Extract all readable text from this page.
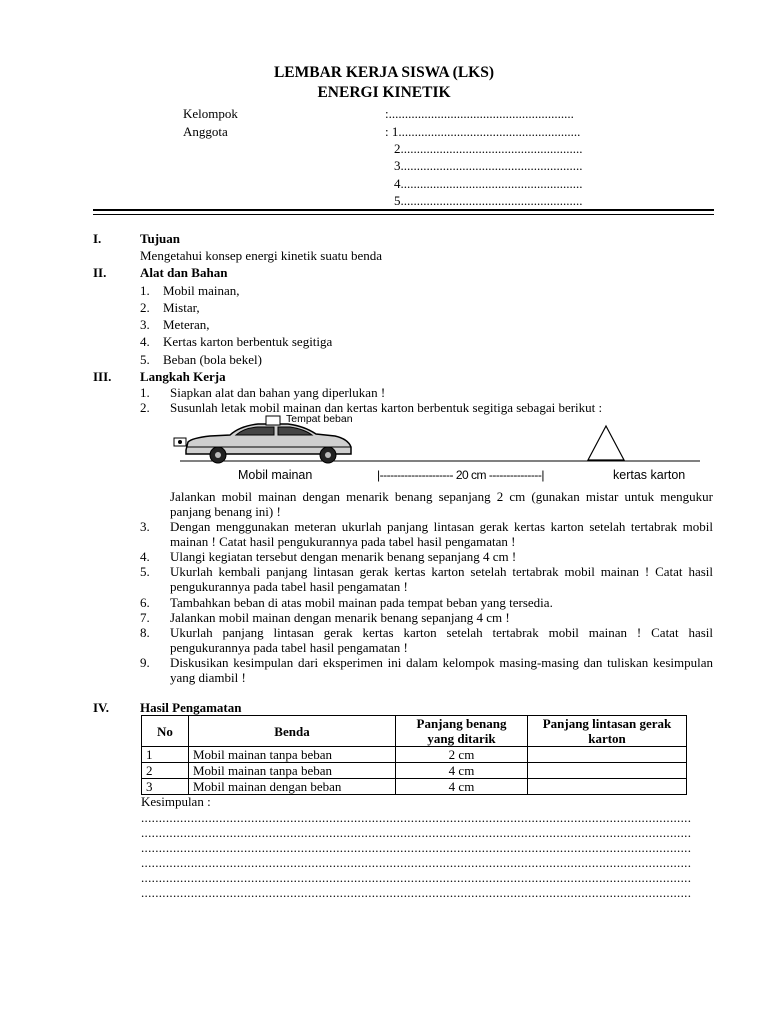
LEMBAR KERJA SISWA (LKS)
ENERGI KINETIK
Kelompok	:.........................................................
Anggota	: 1........................................................
2........................................................
3........................................................
4........................................................
5........................................................
I.	Tujuan
Mengetahui konsep energi kinetik suatu benda
II.	Alat dan Bahan
1. Mobil mainan,
2. Mistar,
3. Meteran,
4. Kertas karton berbentuk segitiga
5. Beban (bola bekel)
III. Langkah Kerja
1. Siapkan alat dan bahan yang diperlukan !
2. Susunlah letak mobil mainan dan kertas karton berbentuk segitiga sebagai berikut :
Tempat beban
Mobil mainan	|--------------------- 20 cm ---------------|	kertas karton
Jalankan mobil mainan dengan menarik benang sepanjang 2 cm (gunakan mistar untuk mengukur panjang benang ini) !
3. Dengan menggunakan meteran ukurlah panjang lintasan gerak kertas karton setelah tertabrak mobil mainan ! Catat hasil pengukurannya pada tabel hasil pengamatan !
4. Ulangi kegiatan tersebut dengan menarik benang sepanjang 4 cm !
5. Ukurlah kembali panjang lintasan gerak kertas karton setelah tertabrak mobil mainan ! Catat hasil pengukurannya pada tabel hasil pengamatan !
6. Tambahkan beban di atas mobil mainan pada tempat beban yang tersedia.
7. Jalankan mobil mainan dengan menarik benang sepanjang 4 cm !
8. Ukurlah panjang lintasan gerak kertas karton setelah tertabrak mobil mainan ! Catat hasil pengukurannya pada tabel hasil pengamatan !
9. Diskusikan kesimpulan dari eksperimen ini dalam kelompok masing-masing dan tuliskan kesimpulan yang diambil !
IV. Hasil Pengamatan
No	Benda	Panjang benang yang ditarik	Panjang lintasan gerak karton
1	Mobil mainan tanpa beban	2 cm	
2	Mobil mainan tanpa beban	4 cm	
3	Mobil mainan dengan beban	4 cm	
Kesimpulan :
...........................................................................................................................................................
...........................................................................................................................................................
...........................................................................................................................................................
...........................................................................................................................................................
...........................................................................................................................................................
...........................................................................................................................................................
